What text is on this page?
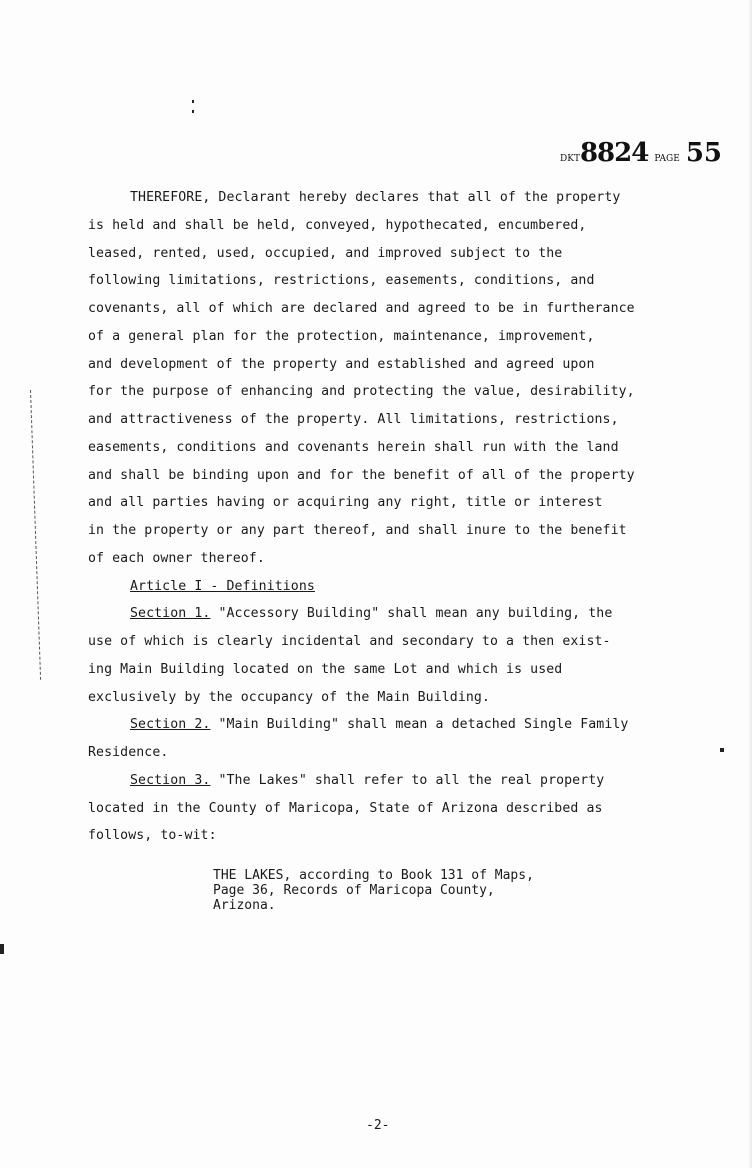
DKT8824 PAGE 55
THEREFORE, Declarant hereby declares that all of the property
is held and shall be held, conveyed, hypothecated, encumbered,
leased, rented, used, occupied, and improved subject to the
following limitations, restrictions, easements, conditions, and
covenants, all of which are declared and agreed to be in furtherance
of a general plan for the protection, maintenance, improvement,
and development of the property and established and agreed upon
for the purpose of enhancing and protecting the value, desirability,
and attractiveness of the property. All limitations, restrictions,
easements, conditions and covenants herein shall run with the land
and shall be binding upon and for the benefit of all of the property
and all parties having or acquiring any right, title or interest
in the property or any part thereof, and shall inure to the benefit
of each owner thereof.
Article I - Definitions
Section 1. "Accessory Building" shall mean any building, the
use of which is clearly incidental and secondary to a then exist-
ing Main Building located on the same Lot and which is used
exclusively by the occupancy of the Main Building.
Section 2. "Main Building" shall mean a detached Single Family
Residence.
Section 3. "The Lakes" shall refer to all the real property
located in the County of Maricopa, State of Arizona described as
follows, to-wit:
THE LAKES, according to Book 131 of Maps,
Page 36, Records of Maricopa County,
Arizona.
-2-
